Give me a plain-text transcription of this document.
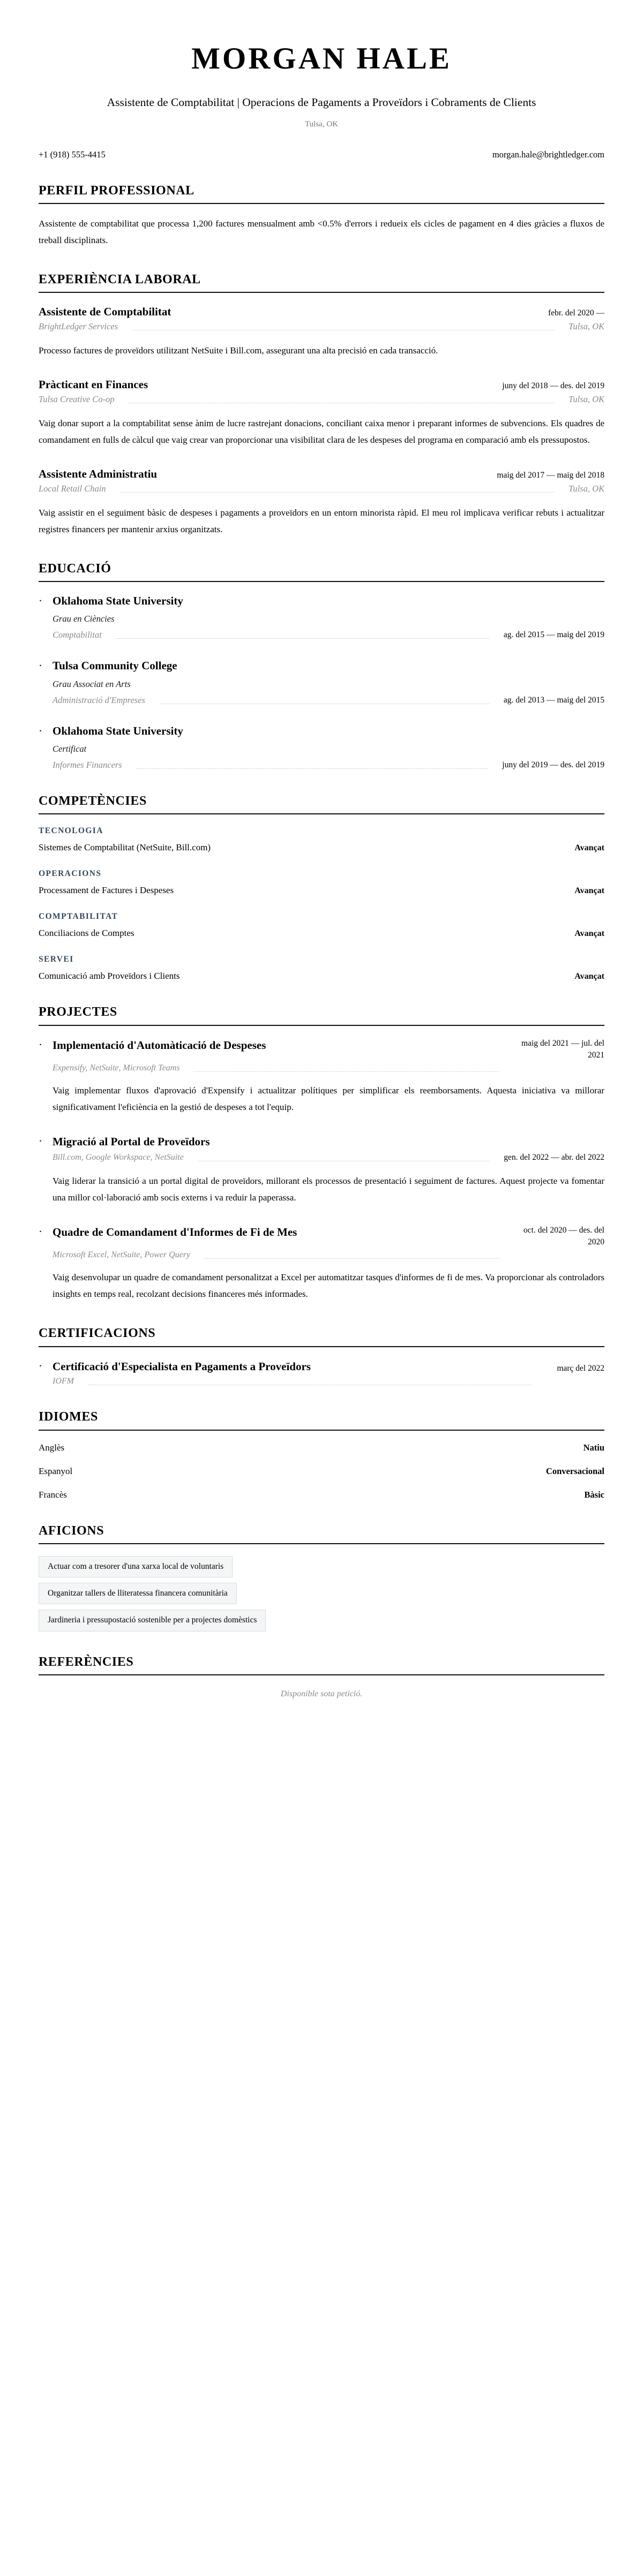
MORGAN HALE
Assistente de Comptabilitat | Operacions de Pagaments a Proveïdors i Cobraments de Clients
Tulsa, OK
+1 (918) 555-4415	morgan.hale@brightledger.com
PERFIL PROFESSIONAL

Assistente de comptabilitat que processa 1,200 factures mensualment amb <0.5% d'errors i redueix els cicles de pagament en 4 dies gràcies a fluxos de treball disciplinats.

EXPERIÈNCIA LABORAL
Assistente de Comptabilitat	febr. del 2020 —
BrightLedger Services	Tulsa, OK

Processo factures de proveïdors utilitzant NetSuite i Bill.com, assegurant una alta precisió en cada transacció.

Pràcticant en Finances	juny del 2018 — des. del 2019
Tulsa Creative Co-op	Tulsa, OK

Vaig donar suport a la comptabilitat sense ànim de lucre rastrejant donacions, conciliant caixa menor i preparant informes de subvencions. Els quadres de comandament en fulls de càlcul que vaig crear van proporcionar una visibilitat clara de les despeses del programa en comparació amb els pressupostos.

Assistente Administratiu	maig del 2017 — maig del 2018
Local Retail Chain	Tulsa, OK

Vaig assistir en el seguiment bàsic de despeses i pagaments a proveïdors en un entorn minorista ràpid. El meu rol implicava verificar rebuts i actualitzar registres financers per mantenir arxius organitzats.

EDUCACIÓ
· Oklahoma State University
Grau en Ciències
Comptabilitat	ag. del 2015 — maig del 2019
· Tulsa Community College
Grau Associat en Arts
Administració d'Empreses	ag. del 2013 — maig del 2015
· Oklahoma State University
Certificat
Informes Financers	juny del 2019 — des. del 2019
COMPETÈNCIES
TECNOLOGIA
Sistemes de Comptabilitat (NetSuite, Bill.com)	Avançat
OPERACIONS
Processament de Factures i Despeses	Avançat
COMPTABILITAT
Conciliacions de Comptes	Avançat
SERVEI
Comunicació amb Proveïdors i Clients	Avançat
PROJECTES
· Implementació d'Automàticació de Despeses	maig del 2021 — jul. del 2021
Expensify, NetSuite, Microsoft Teams

Vaig implementar fluxos d'aprovació d'Expensify i actualitzar polítiques per simplificar els reemborsaments. Aquesta iniciativa va millorar significativament l'eficiència en la gestió de despeses a tot l'equip.

· Migració al Portal de Proveïdors
Bill.com, Google Workspace, NetSuite	gen. del 2022 — abr. del 2022

Vaig liderar la transició a un portal digital de proveïdors, millorant els processos de presentació i seguiment de factures. Aquest projecte va fomentar una millor col·laboració amb socis externs i va reduir la paperassa.

· Quadre de Comandament d'Informes de Fi de Mes	oct. del 2020 — des. del 2020
Microsoft Excel, NetSuite, Power Query

Vaig desenvolupar un quadre de comandament personalitzat a Excel per automatitzar tasques d'informes de fi de mes. Va proporcionar als controladors insights en temps real, recolzant decisions financeres més informades.

CERTIFICACIONS
· Certificació d'Especialista en Pagaments a Proveïdors	març del 2022
IOFM
IDIOMES
Anglès	Natiu
Espanyol	Conversacional
Francès	Bàsic
AFICIONS
Actuar com a tresorer d'una xarxa local de voluntaris
Organitzar tallers de lliteratessa financera comunitària
Jardineria i pressupostació sostenible per a projectes domèstics
REFERÈNCIES
Disponible sota petició.
